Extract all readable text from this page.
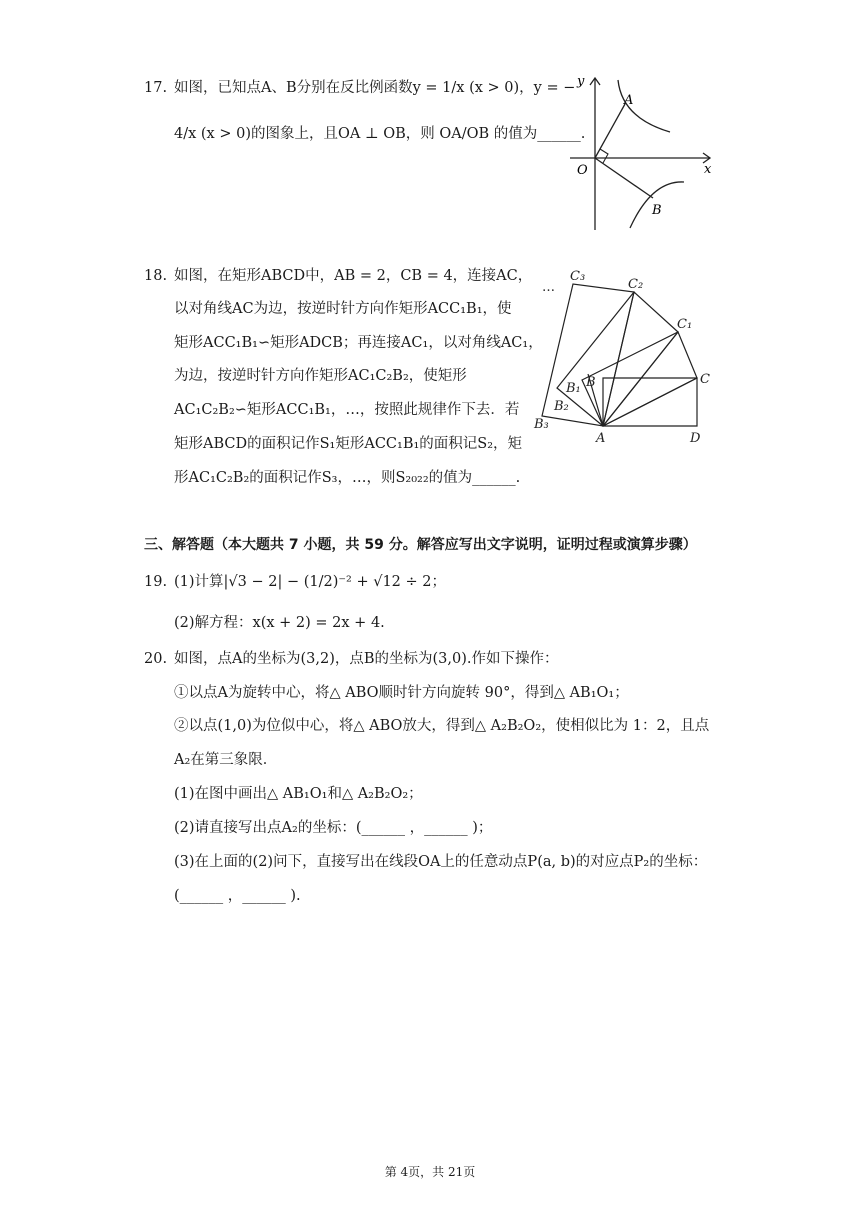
17. 如图，已知点A、B分别在反比例函数y = 1/x (x > 0)，y = −
4/x (x > 0)的图象上，且OA ⊥ OB，则 OA/OB 的值为______.
y
x
O
A
B
18. 如图，在矩形ABCD中，AB = 2，CB = 4，连接AC，
以对角线AC为边，按逆时针方向作矩形ACC₁B₁，使
矩形ACC₁B₁∽矩形ADCB；再连接AC₁，以对角线AC₁，
为边，按逆时针方向作矩形AC₁C₂B₂，使矩形
AC₁C₂B₂∽矩形ACC₁B₁，…，按照此规律作下去．若
矩形ABCD的面积记作S₁矩形ACC₁B₁的面积记S₂，矩
形AC₁C₂B₂的面积记作S₃，…，则S₂₀₂₂的值为______.
…
C₃
C₂
C₁
C
B
B₁
B₂
B₃
A	D
三、解答题（本大题共 7 小题，共 59 分。解答应写出文字说明，证明过程或演算步骤）
19. (1)计算|√3 − 2| − (1/2)⁻² + √12 ÷ 2；
(2)解方程：x(x + 2) = 2x + 4.
20. 如图，点A的坐标为(3,2)，点B的坐标为(3,0).作如下操作：
①以点A为旋转中心，将△ ABO顺时针方向旋转 90°，得到△ AB₁O₁；
②以点(1,0)为位似中心，将△ ABO放大，得到△ A₂B₂O₂，使相似比为 1：2，且点
A₂在第三象限．
(1)在图中画出△ AB₁O₁和△ A₂B₂O₂；
(2)请直接写出点A₂的坐标：(______ ，______ )；
(3)在上面的(2)问下，直接写出在线段OA上的任意动点P(a, b)的对应点P₂的坐标：
(______ ，______ ).
第 4页，共 21页
